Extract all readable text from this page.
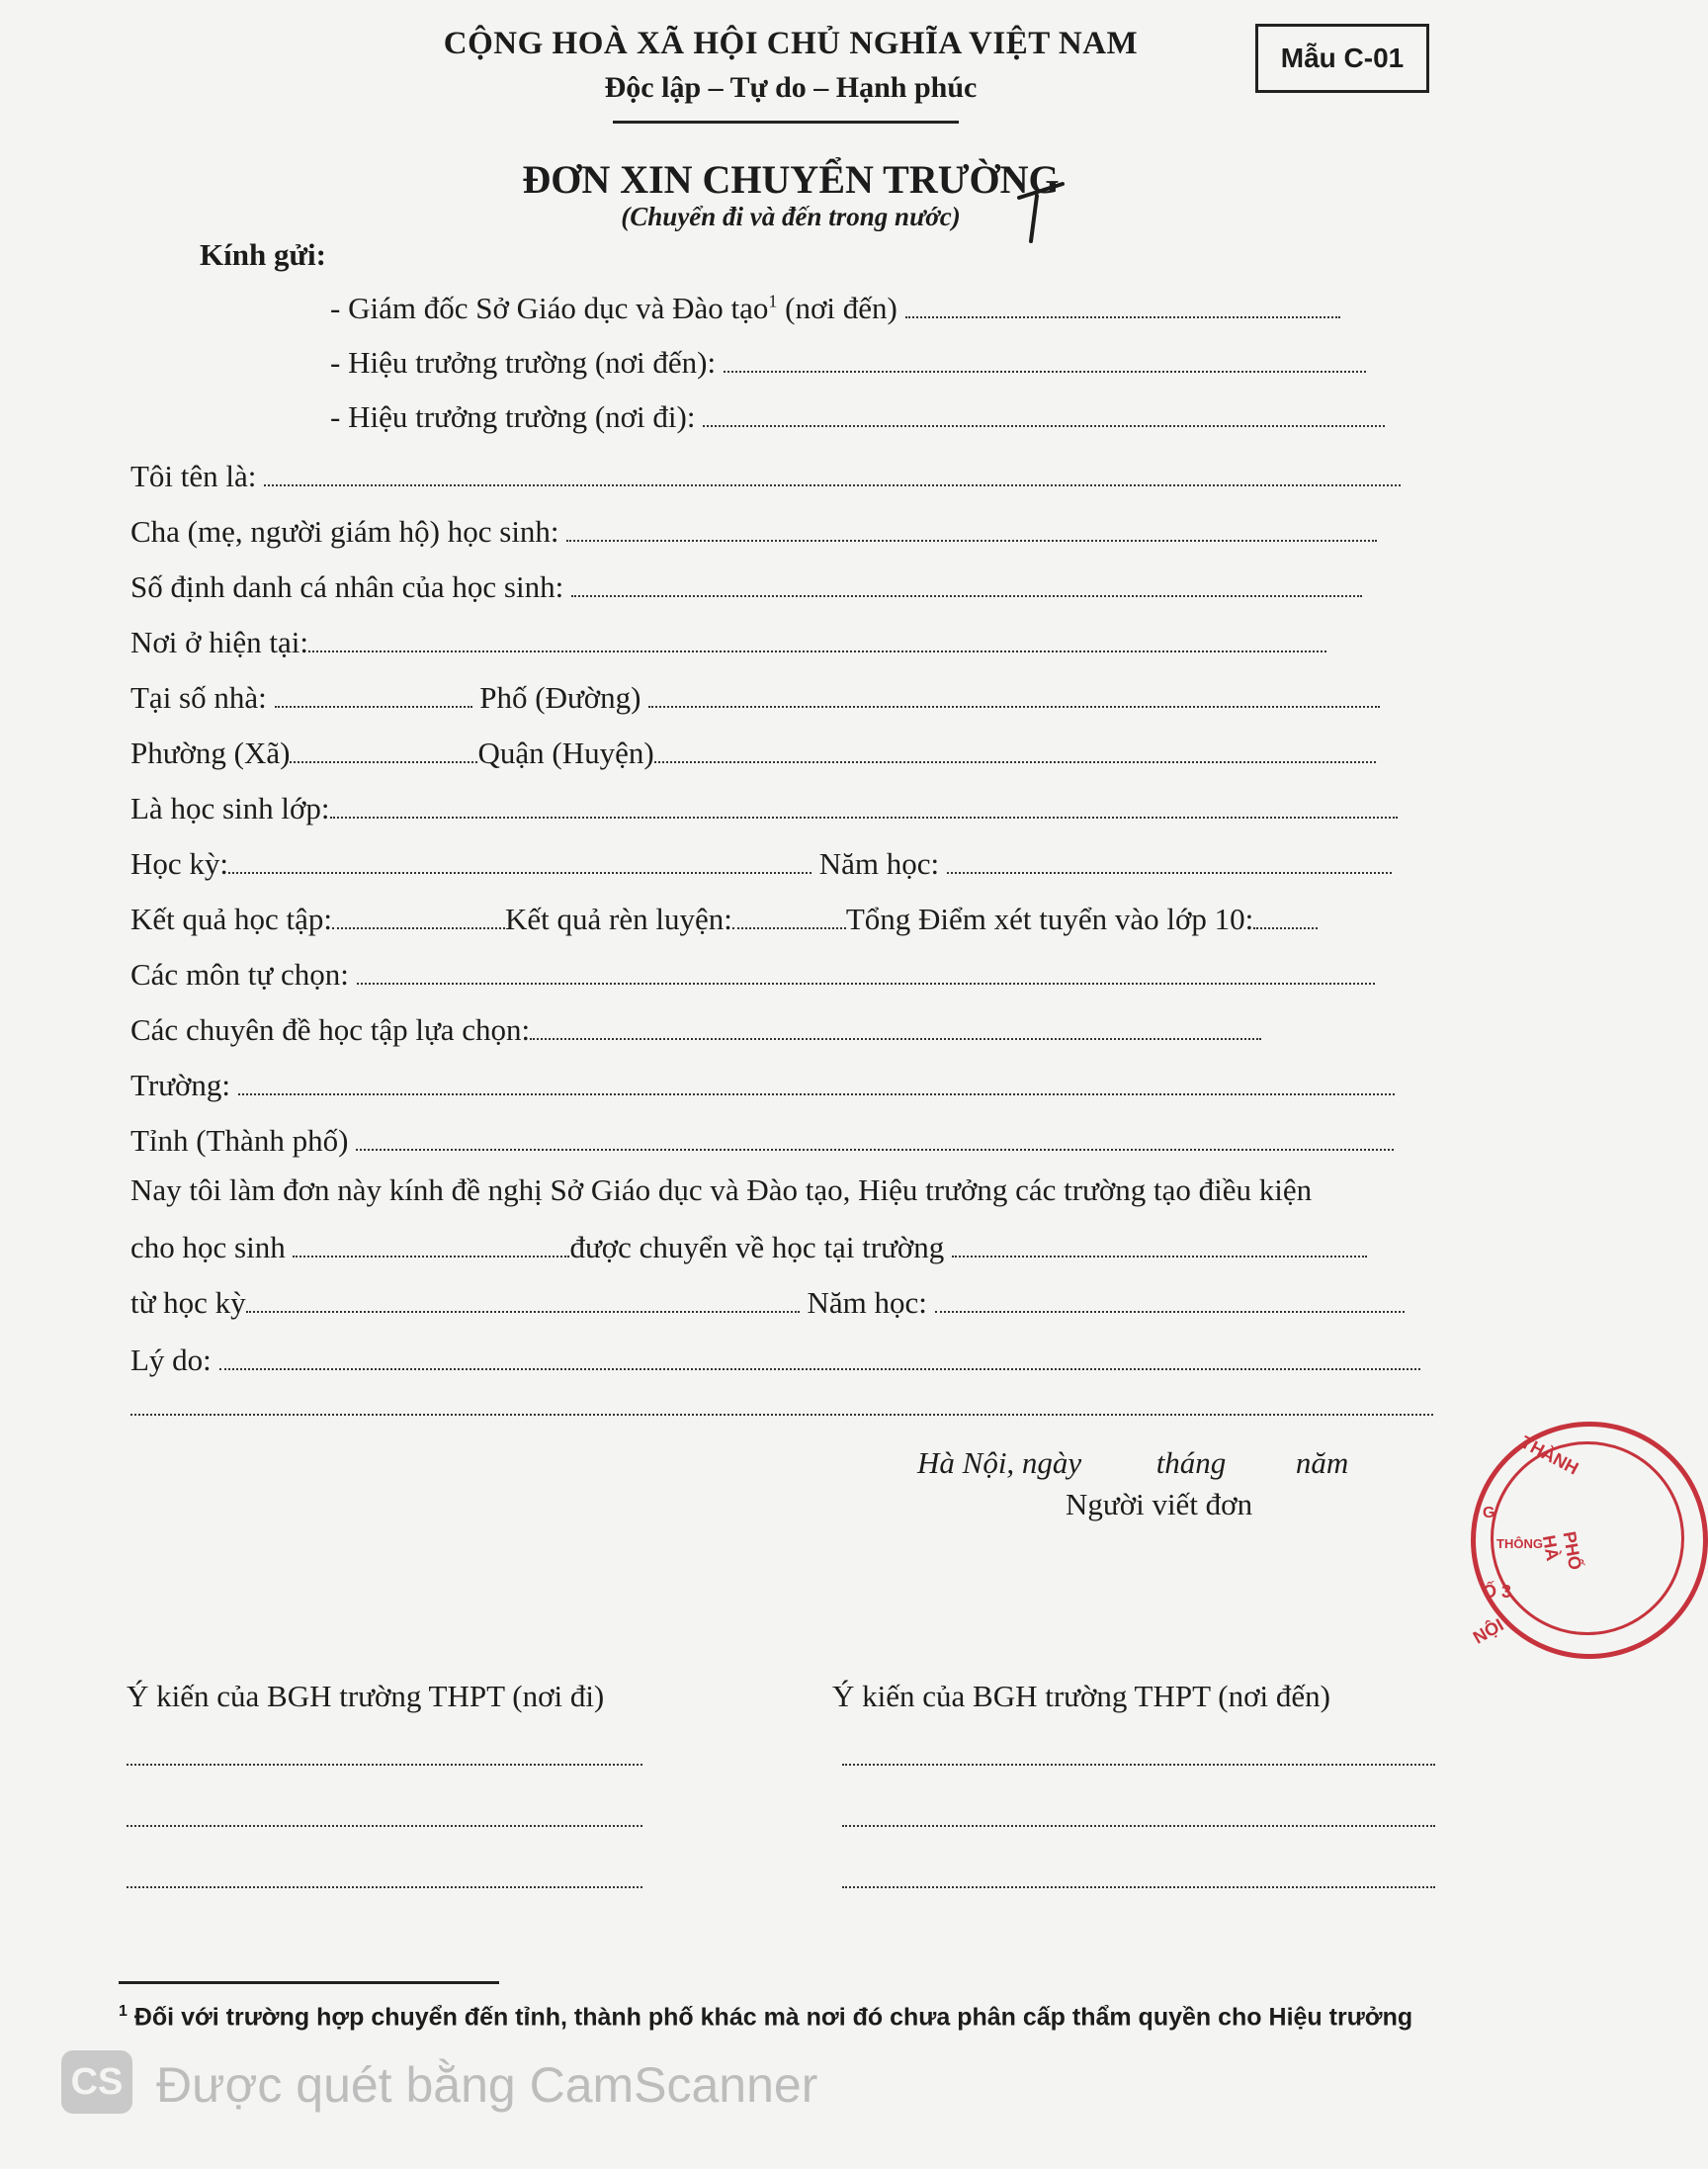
CỘNG HOÀ XÃ HỘI CHỦ NGHĨA VIỆT NAM
Độc lập – Tự do – Hạnh phúc
Mẫu C-01
ĐƠN XIN CHUYỂN TRƯỜNG
(Chuyển đi và đến trong nước)
Kính gửi:
- Giám đốc Sở Giáo dục và Đào tạo$^1$ (nơi đến)
- Hiệu trưởng trường (nơi đến):
- Hiệu trưởng trường (nơi đi):
Tôi tên là:
Cha (mẹ, người giám hộ) học sinh:
Số định danh cá nhân của học sinh:
Nơi ở hiện tại:
Tại số nhà:	Phố (Đường)
Phường (Xã)	Quận (Huyện)
Là học sinh lớp:
Học kỳ:	Năm học:
Kết quả học tập:	Kết quả rèn luyện:	Tổng Điểm xét tuyển vào lớp 10:
Các môn tự chọn:
Các chuyên đề học tập lựa chọn:
Trường:
Tỉnh (Thành phố)
Nay tôi làm đơn này kính đề nghị Sở Giáo dục và Đào tạo, Hiệu trưởng các trường tạo điều kiện
cho học sinh	được chuyển về học tại trường
từ học kỳ	Năm học:
Lý do:
Hà Nội, ngày tháng năm
Người viết đơn
THÀNH
PHỐ HÀ
NỘI
THÔNG
G
Ố 3
Ý kiến của BGH trường THPT (nơi đi)	Ý kiến của BGH trường THPT (nơi đến)
$^1$ Đối với trường hợp chuyển đến tỉnh, thành phố khác mà nơi đó chưa phân cấp thẩm quyền cho Hiệu trưởng
CS Được quét bằng CamScanner
